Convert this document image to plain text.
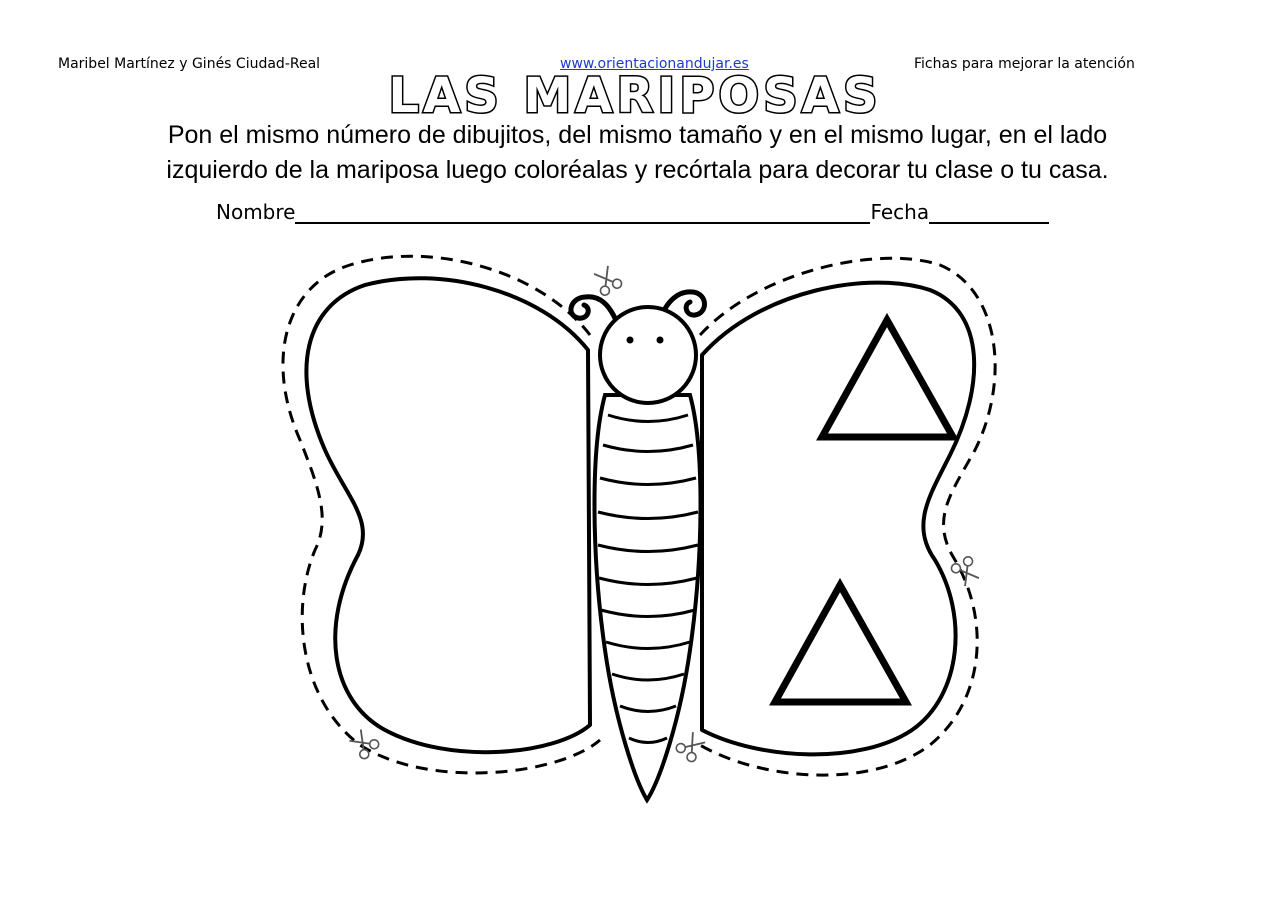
Maribel Martínez y Ginés Ciudad-Real	www.orientacionandujar.es	Fichas para mejorar la atención
LAS MARIPOSAS
Pon el mismo número de dibujitos, del mismo tamaño y en el mismo lugar, en el lado
izquierdo de la mariposa luego coloréalas y recórtala para decorar tu clase o tu casa.
Nombre	Fecha
